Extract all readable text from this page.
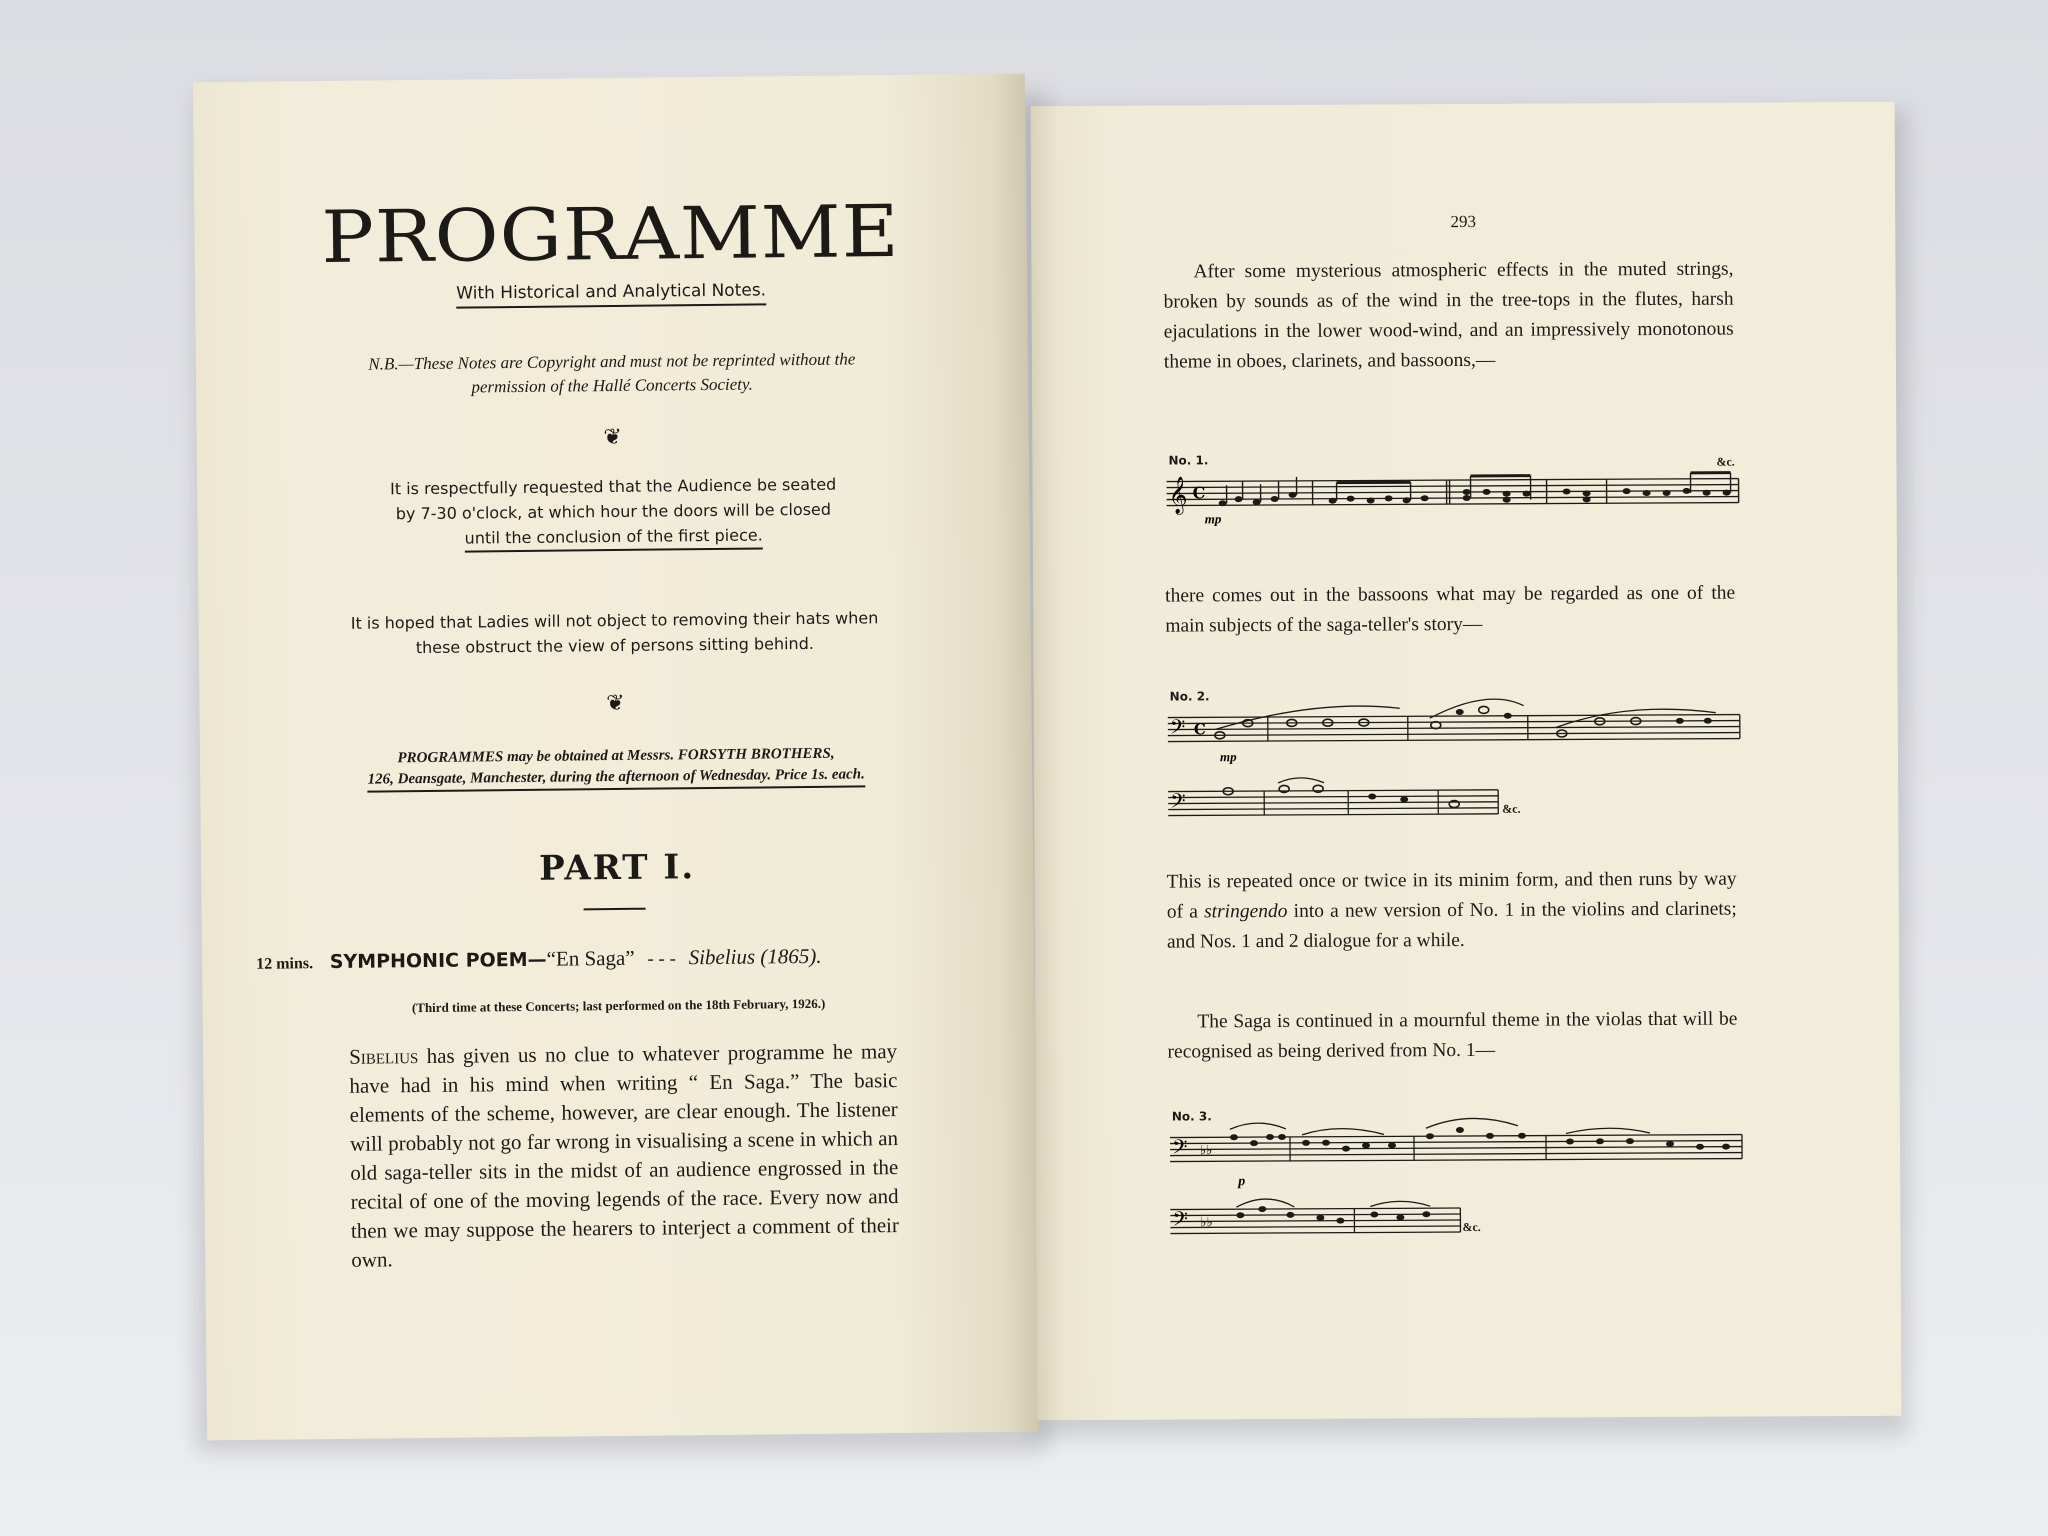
PROGRAMME
With Historical and Analytical Notes.
N.B.—These Notes are Copyright and must not be reprinted without the
permission of the Hallé Concerts Society.
❦
It is respectfully requested that the Audience be seated
by 7-30 o'clock, at which hour the doors will be closed
until the conclusion of the first piece.
It is hoped that Ladies will not object to removing their hats when
these obstruct the view of persons sitting behind.
❦
PROGRAMMES may be obtained at Messrs. FORSYTH BROTHERS,
126, Deansgate, Manchester, during the afternoon of Wednesday. Price 1s. each.
PART I.
12 mins. SYMPHONIC POEM—“En Saga” - - - Sibelius (1865).
(Third time at these Concerts; last performed on the 18th February, 1926.)
Sibelius has given us no clue to whatever programme he may have had in his mind when writing “ En Saga.” The basic elements of the scheme, however, are clear enough. The listener will probably not go far wrong in visualising a scene in which an old saga-teller sits in the midst of an audience engrossed in the recital of one of the moving legends of the race. Every now and then we may suppose the hearers to interject a comment of their own.
293

After some mysterious atmospheric effects in the muted strings, broken by sounds as of the wind in the tree-tops in the flutes, harsh ejaculations in the lower wood-wind, and an impressively monotonous theme in oboes, clarinets, and bassoons,—

No. 1.	&c.
𝄞 C
mp

there comes out in the bassoons what may be regarded as one of the main subjects of the saga-teller's story—

No. 2.
𝄢 C
mp
𝄢	&c.

This is repeated once or twice in its minim form, and then runs by way of a stringendo into a new version of No. 1 in the violins and clarinets; and Nos. 1 and 2 dialogue for a while.

The Saga is continued in a mournful theme in the violas that will be recognised as being derived from No. 1—

No. 3.
𝄢 ♭♭
p
𝄢 ♭♭	&c.
